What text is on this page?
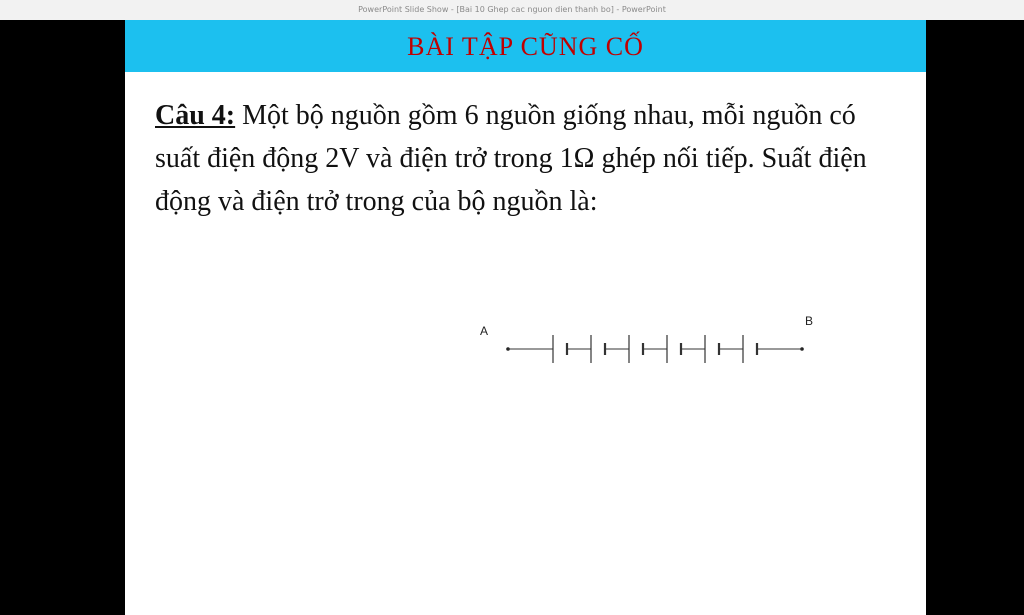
PowerPoint Slide Show - [Bai 10 Ghep cac nguon dien thanh bo] - PowerPoint
BÀI TẬP CŨNG CỐ
Câu 4: Một bộ nguồn gồm 6 nguồn giống nhau, mỗi nguồn có suất điện động 2V và điện trở trong 1Ω ghép nối tiếp. Suất điện động và điện trở trong của bộ nguồn là:
A
B
